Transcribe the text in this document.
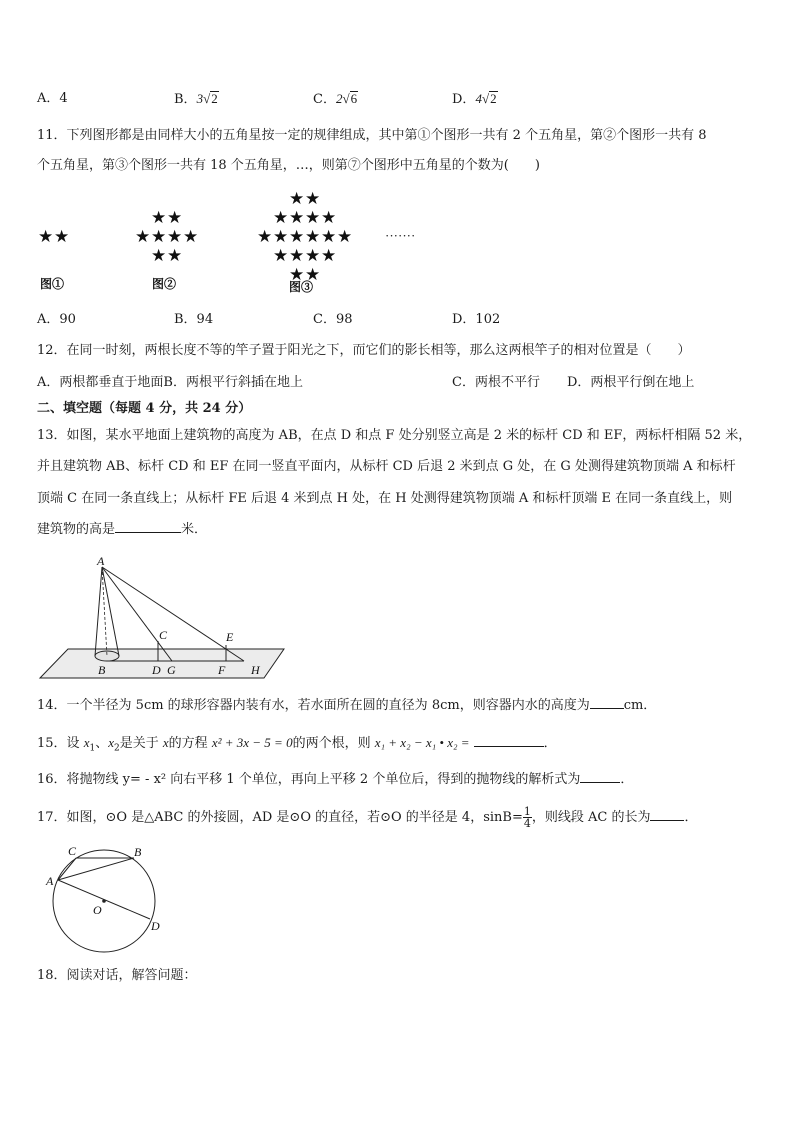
A．4	B．3√2	C．2√6	D．4√2
11．下列图形都是由同样大小的五角星按一定的规律组成，其中第①个图形一共有 2 个五角星，第②个图形一共有 8
个五角星，第③个图形一共有 18 个五角星，…，则第⑦个图形中五角星的个数为(　　)
★ ★
★ ★
★ ★ ★ ★
★ ★
★ ★
★ ★ ★ ★
★ ★ ★ ★ ★ ★
★ ★ ★ ★
★ ★
·······
图①	图②	图③
A．90	B．94	C．98	D．102
12．在同一时刻，两根长度不等的竿子置于阳光之下，而它们的影长相等，那么这两根竿子的相对位置是（　　）
A．两根都垂直于地面B．两根平行斜插在地上	C．两根不平行 D．两根平行倒在地上
二、填空题（每题 4 分，共 24 分）
13．如图，某水平地面上建筑物的高度为 AB，在点 D 和点 F 处分别竖立高是 2 米的标杆 CD 和 EF，两标杆相隔 52 米，
并且建筑物 AB、标杆 CD 和 EF 在同一竖直平面内，从标杆 CD 后退 2 米到点 G 处，在 G 处测得建筑物顶端 A 和标杆
顶端 C 在同一条直线上；从标杆 FE 后退 4 米到点 H 处，在 H 处测得建筑物顶端 A 和标杆顶端 E 在同一条直线上，则
建筑物的高是	米．
A
B
C
D G
E
F H
14．一个半径为 5cm 的球形容器内装有水，若水面所在圆的直径为 8cm，则容器内水的高度为	cm．
15．设 $x_1$、$x_2$是关于 x的方程 x² + 3x − 5 = 0的两个根，则 x₁ + x₂ − x₁ • x₂ =	．
16．将抛物线 y= - x² 向右平移 1 个单位，再向上平移 2 个单位后，得到的抛物线的解析式为	．
17．如图，⊙O 是△ABC 的外接圆，AD 是⊙O 的直径，若⊙O 的半径是 4，$\sin B= \frac{1}{4}$ ，则线段 AC 的长为	．
C	B
A
O
D
18．阅读对话，解答问题：
